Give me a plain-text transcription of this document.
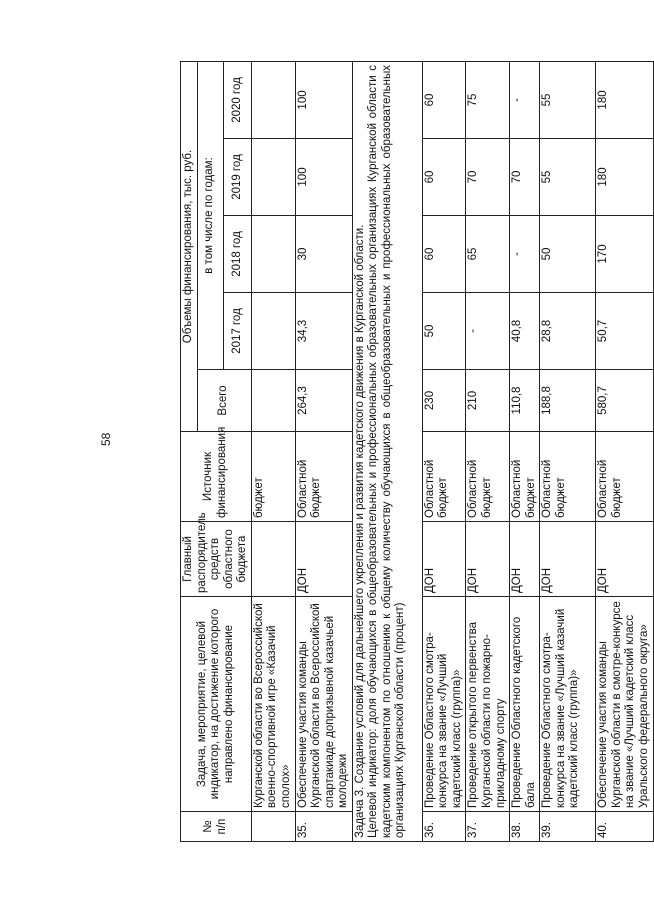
58
№ п/п	Задача, мероприятие, целевой индикатор, на достижение которого направлено финансирование	Главный распорядитель средств областного бюджета	Источник финансирования	Объемы финансирования, тыс. руб.				
				Всего	в том числе по годам:			
					2017 год	2018 год	2019 год	2020 год
	Курганской области во Всероссийской военно-спортивной игре «Казачий сполох»		бюджет					
35.	Обеспечение участия команды Курганской области во Всероссийской спартакиаде допризывной казачьей молодежи	ДОН	Областной бюджет	264,3	34,3	30	100	100

Задача 3. Создание условий для дальнейшего укрепления и развития кадетского движения в Курганской области. Целевой индикатор: доля обучающихся в общеобразовательных и профессиональных образовательных организациях Курганской области с кадетским компонентом по отношению к общему количеству обучающихся в общеобразовательных и профессиональных образовательных организациях Курганской области (процент)								

36.	Проведение Областного смотра-конкурса на звание «Лучший кадетский класс (группа)»	ДОН	Областной бюджет	230	50	60	60	60
37.	Проведение открытого первенства Курганской области по пожарно-прикладному спорту	ДОН	Областной бюджет	210	-	65	70	75
38.	Проведение Областного кадетского бала	ДОН	Областной бюджет	110,8	40,8	-	70	-
39.	Проведение Областного смотра-конкурса на звание «Лучший казачий кадетский класс (группа)»	ДОН	Областной бюджет	188,8	28,8	50	55	55
40.	Обеспечение участия команды Курганской области в смотре-конкурсе на звание «Лучший кадетский класс Уральского федерального округа»	ДОН	Областной бюджет	580,7	50,7	170	180	180
